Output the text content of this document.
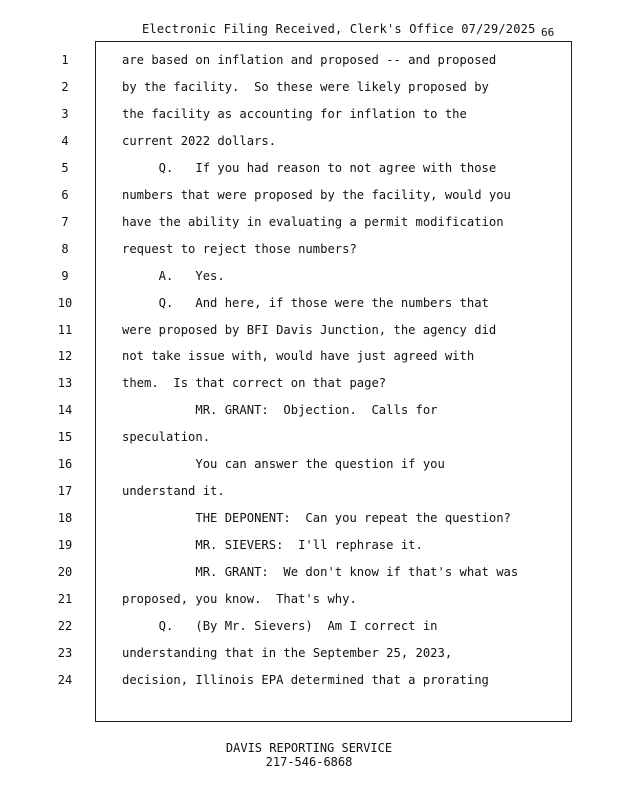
Electronic Filing Received, Clerk's Office 07/29/2025 66
1	are based on inflation and proposed -- and proposed
2	by the facility.  So these were likely proposed by
3	the facility as accounting for inflation to the
4	current 2022 dollars.
5	Q.   If you had reason to not agree with those
6	numbers that were proposed by the facility, would you
7	have the ability in evaluating a permit modification
8	request to reject those numbers?
9	A.   Yes.
10	Q.   And here, if those were the numbers that
11	were proposed by BFI Davis Junction, the agency did
12	not take issue with, would have just agreed with
13	them.  Is that correct on that page?
14	MR. GRANT:  Objection.  Calls for
15	speculation.
16	You can answer the question if you
17	understand it.
18	THE DEPONENT:  Can you repeat the question?
19	MR. SIEVERS:  I'll rephrase it.
20	MR. GRANT:  We don't know if that's what was
21	proposed, you know.  That's why.
22	Q.   (By Mr. Sievers)  Am I correct in
23	understanding that in the September 25, 2023,
24	decision, Illinois EPA determined that a prorating
DAVIS REPORTING SERVICE
217-546-6868
